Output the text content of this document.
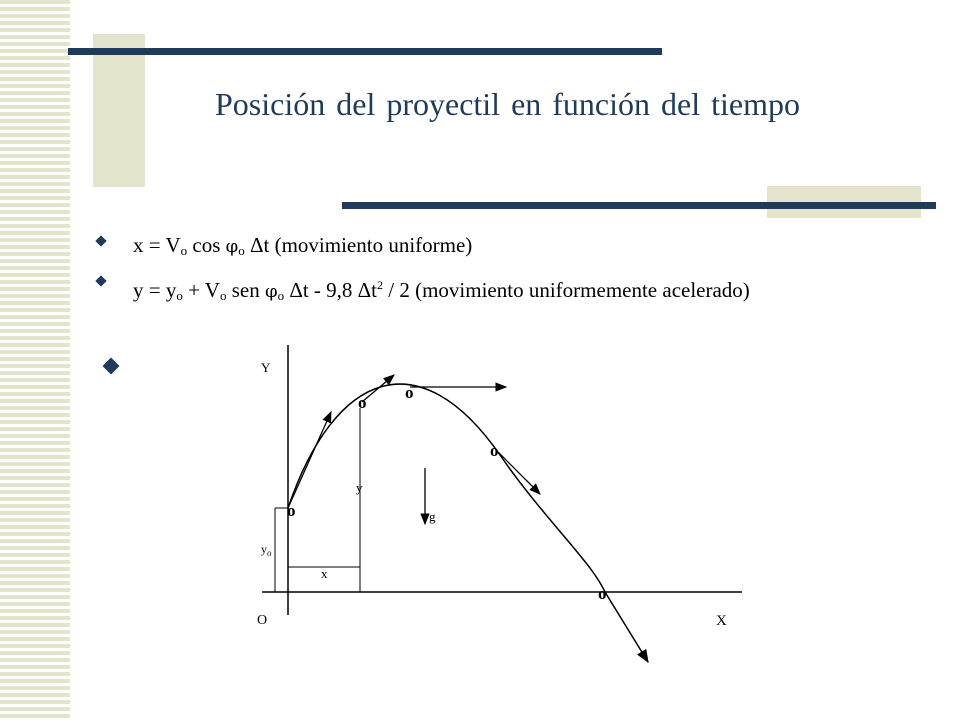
Posición del proyectil en función del tiempo
$x = V_o$ $\cos \varphi_o$ Δt (movimiento uniforme)
$y = y_o + V_o$ sen $\varphi_o$ Δt - 9,8 $\Delta t^2 / 2$ (movimiento uniformemente acelerado)
Y
X
O
$y_o$
y
x
g
o
o
o
o
o
